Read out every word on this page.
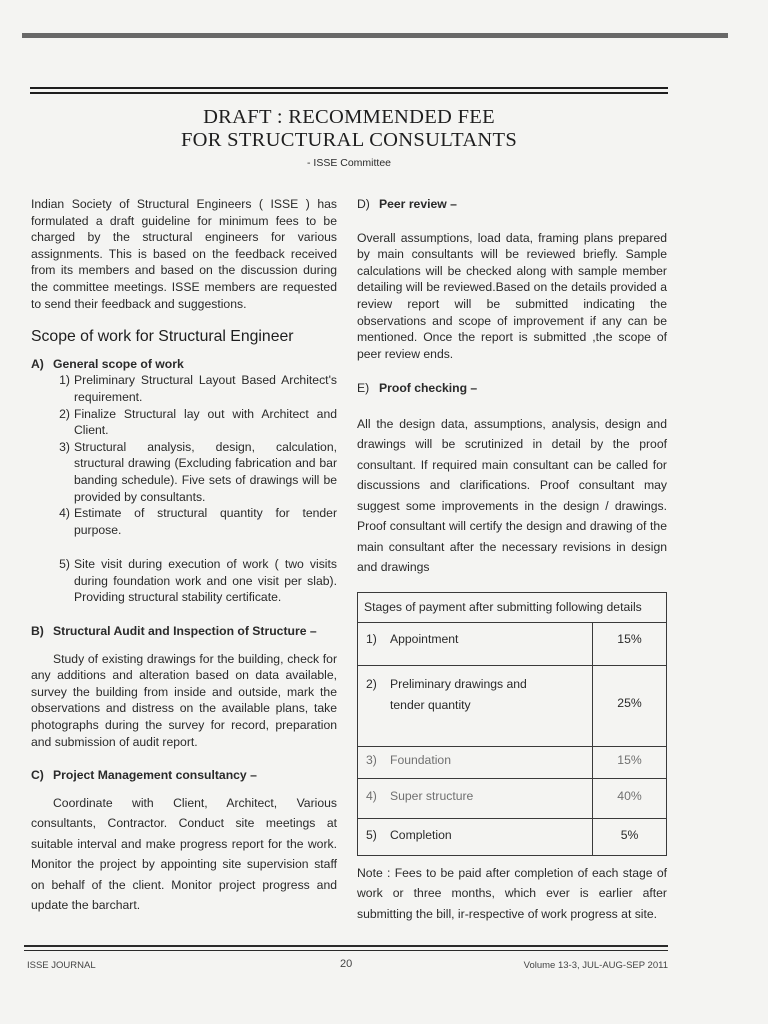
DRAFT : RECOMMENDED FEE
FOR STRUCTURAL CONSULTANTS
- ISSE Committee

Indian Society of Structural Engineers ( ISSE ) has formulated a draft guideline for minimum fees to be charged by the structural engineers for various assignments. This is based on the feedback received from its members and based on the discussion during the committee meetings. ISSE members are requested to send their feedback and suggestions.

Scope of work for Structural Engineer
A) General scope of work
1) Preliminary Structural Layout Based Architect's requirement.
2) Finalize Structural lay out with Architect and Client.
3) Structural analysis, design, calculation, structural drawing (Excluding fabrication and bar banding schedule). Five sets of drawings will be provided by consultants.
4) Estimate of structural quantity for tender purpose.
5) Site visit during execution of work ( two visits during foundation work and one visit per slab). Providing structural stability certificate.
B) Structural Audit and Inspection of Structure –

Study of existing drawings for the building, check for any additions and alteration based on data available, survey the building from inside and outside, mark the observations and distress on the available plans, take photographs during the survey for record, preparation and submission of audit report.

C) Project Management consultancy –

Coordinate with Client, Architect, Various consultants, Contractor. Conduct site meetings at suitable interval and make progress report for the work. Monitor the project by appointing site supervision staff on behalf of the client. Monitor project progress and update the barchart.

D) Peer review –

Overall assumptions, load data, framing plans prepared by main consultants will be reviewed briefly. Sample calculations will be checked along with sample member detailing will be reviewed.Based on the details provided a review report will be submitted indicating the observations and scope of improvement if any can be mentioned. Once the report is submitted ,the scope of peer review ends.

E) Proof checking –

All the design data, assumptions, analysis, design and drawings will be scrutinized in detail by the proof consultant. If required main consultant can be called for discussions and clarifications. Proof consultant may suggest some improvements in the design / drawings. Proof consultant will certify the design and drawing of the main consultant after the necessary revisions in design and drawings

Stages of payment after submitting following details	

1) Appointment	15%

2) Preliminary drawings and
tender quantity	25%

3) Foundation	15%

4) Super structure	40%

5) Completion	5%

Note : Fees to be paid after completion of each stage of work or three months, which ever is earlier after submitting the bill, ir-respective of work progress at site.

ISSE JOURNAL	20	Volume 13-3, JUL-AUG-SEP 2011
